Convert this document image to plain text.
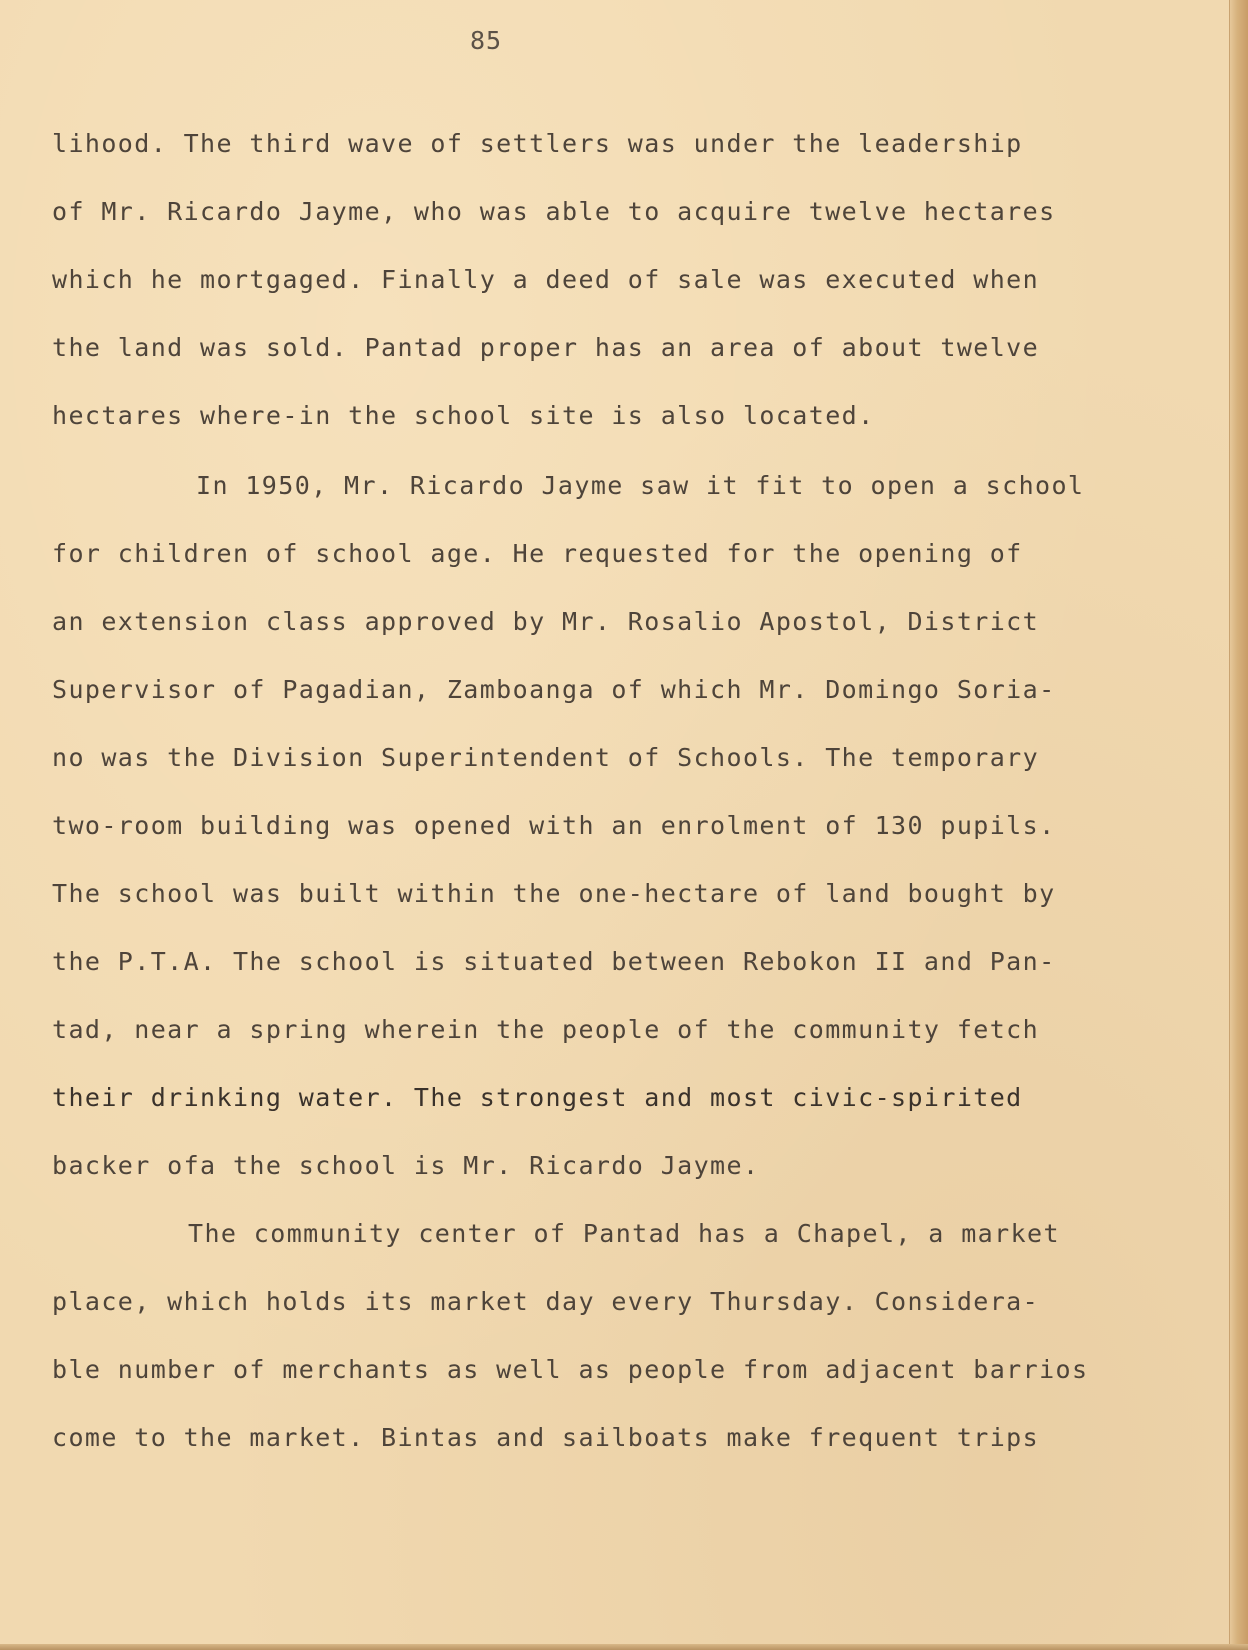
85
lihood. The third wave of settlers was under the leadership
of Mr. Ricardo Jayme, who was able to acquire twelve hectares
which he mortgaged. Finally a deed of sale was executed when
the land was sold. Pantad proper has an area of about twelve
hectares where-in the school site is also located.
In 1950, Mr. Ricardo Jayme saw it fit to open a school
for children of school age. He requested for the opening of
an extension class approved by Mr. Rosalio Apostol, District
Supervisor of Pagadian, Zamboanga of which Mr. Domingo Soria-
no was the Division Superintendent of Schools. The temporary
two-room building was opened with an enrolment of 130 pupils.
The school was built within the one-hectare of land bought by
the P.T.A. The school is situated between Rebokon II and Pan-
tad, near a spring wherein the people of the community fetch
their drinking water. The strongest and most civic-spirited
backer ofa the school is Mr. Ricardo Jayme.
The community center of Pantad has a Chapel, a market
place, which holds its market day every Thursday. Considera-
ble number of merchants as well as people from adjacent barrios
come to the market. Bintas and sailboats make frequent trips
